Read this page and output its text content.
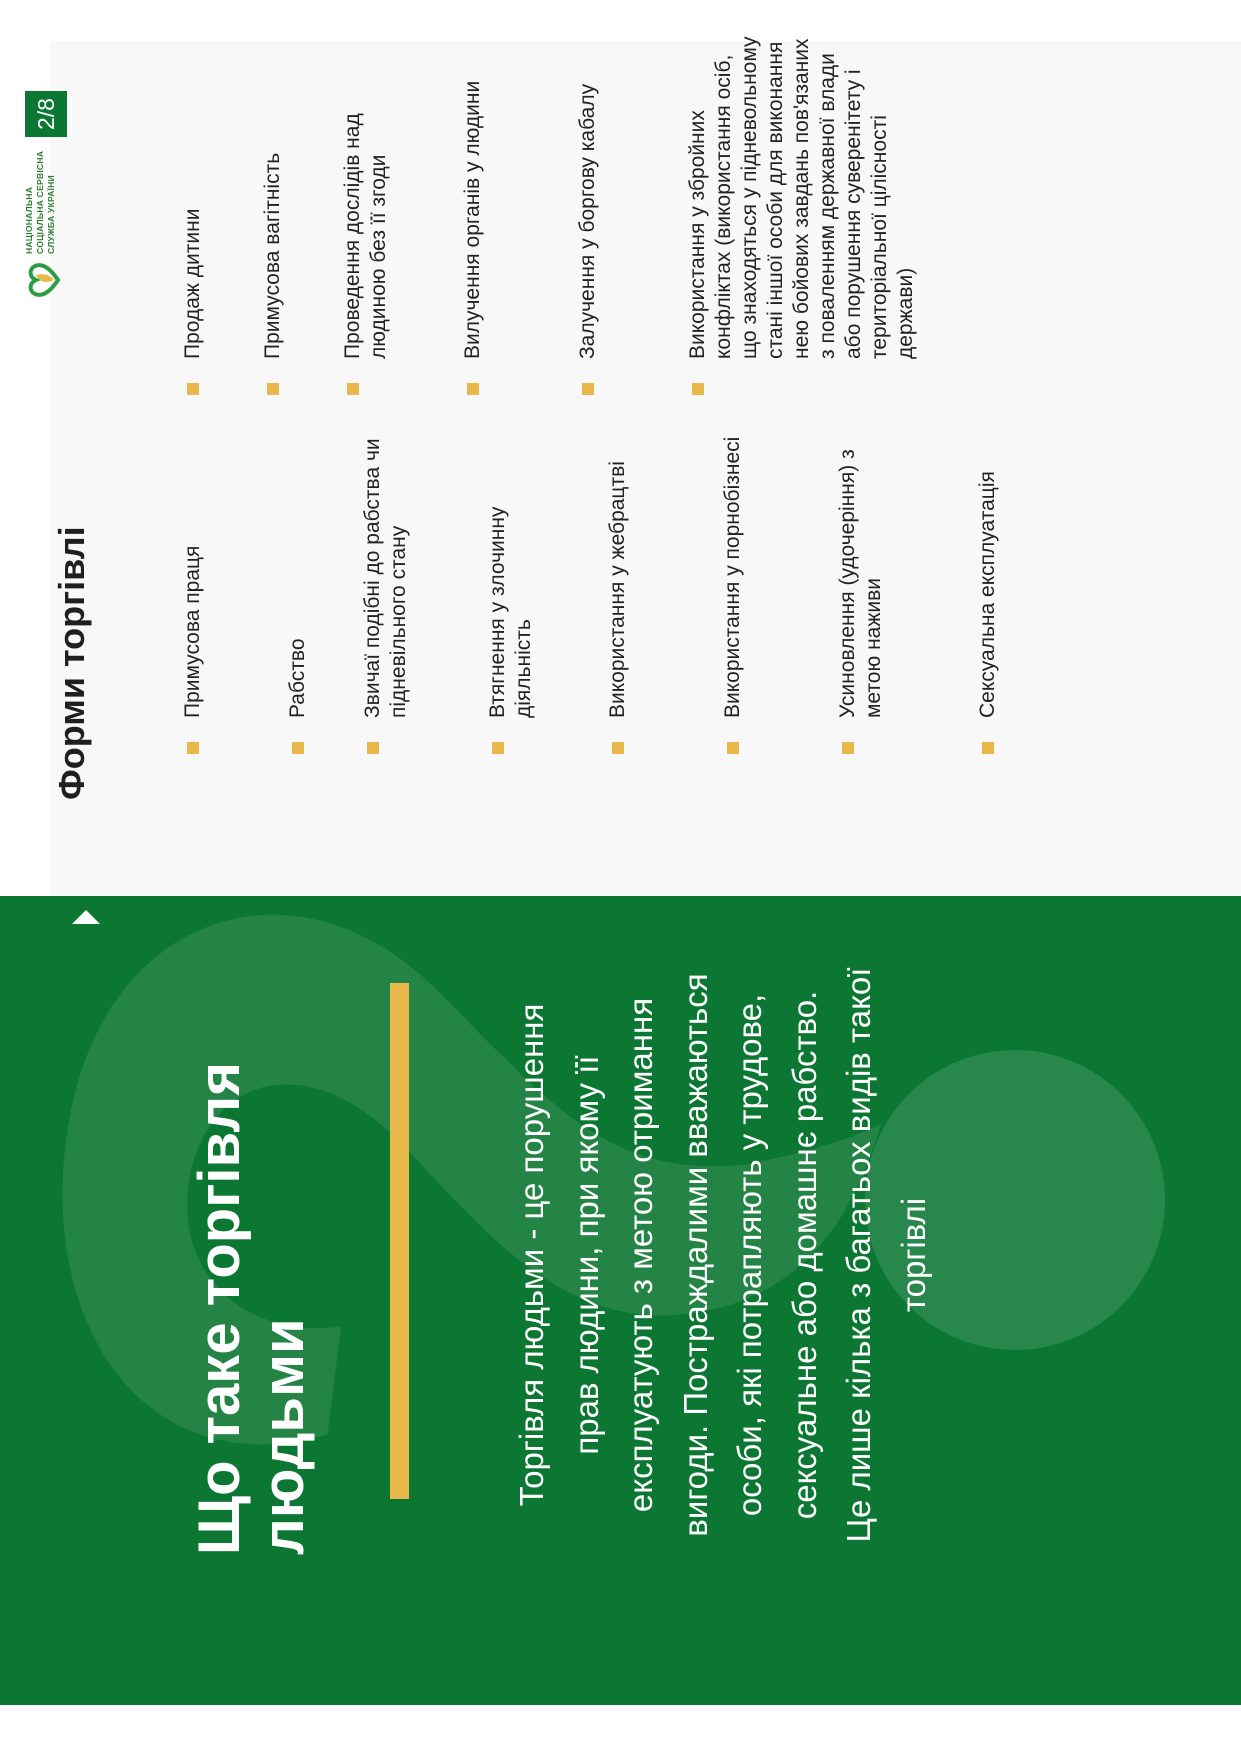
Що таке торгівля людьми	Торгівля людьми - це порушення прав людини, при якому її експлуатують з метою отримання вигоди. Постраждалими вважаються особи, які потрапляють у трудове, сексуальне або домашнє рабство. Це лише кілька з багатьох видів такої торгівлі

Форми торгівлі	Примусова праця	Рабство Звичаї подібні до рабства чи підневільного стану	Втягнення у злочинну діяльність	Використання у жебрацтві	Використання у порнобізнесі	Усиновлення (удочеріння) з метою наживи	Сексуальна експлуатація
Продаж дитини	Примусова вагітність	Проведення дослідів над людиною без її згоди	Вилучення органів у людини	Залучення у боргову кабалу	Використання у збройних конфліктах (використання осіб, що знаходяться у підневольному стані іншої особи для виконання нею бойових завдань пов'язаних з поваленням державної влади або порушення суверенітету і територіальної цілісності держави)
НАЦІОНАЛЬНА СОЦІАЛЬНА СЕРВІСНА СЛУЖБА УКРАЇНИ
2/8
